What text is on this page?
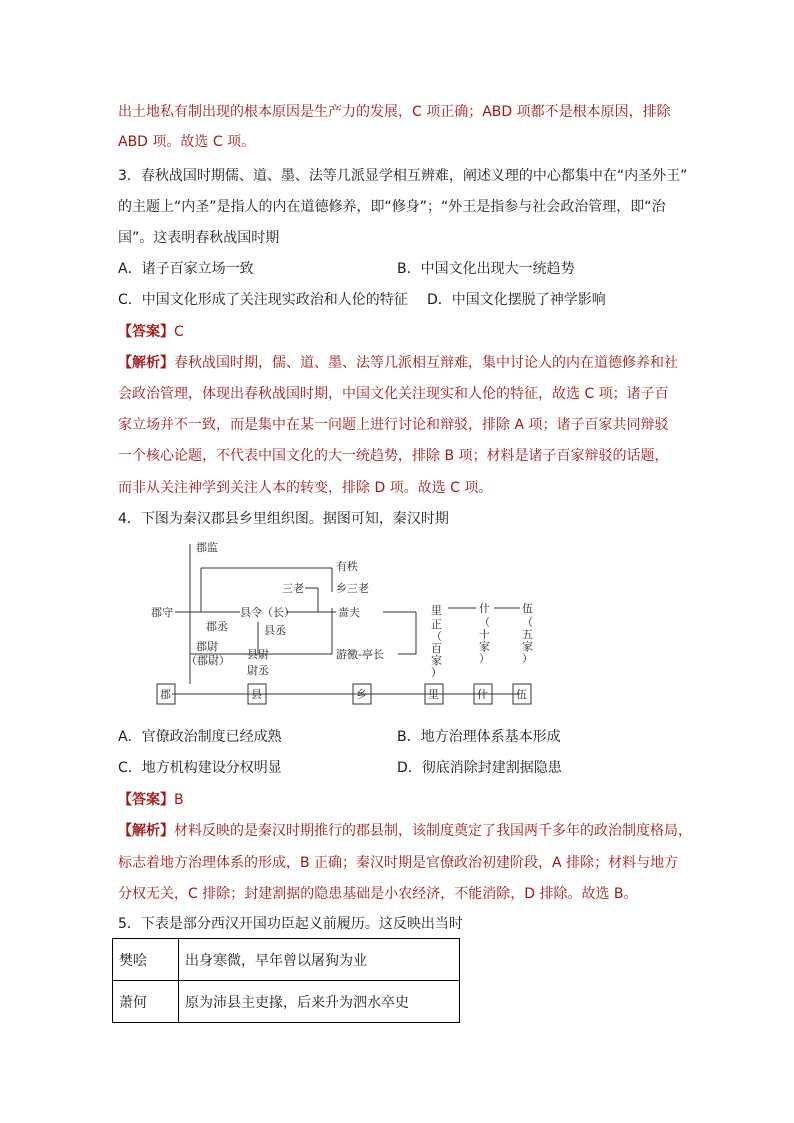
出土地私有制出现的根本原因是生产力的发展，C 项正确；ABD 项都不是根本原因，排除
ABD 项。故选 C 项。
3．春秋战国时期儒、道、墨、法等几派显学相互辨难，阐述义理的中心都集中在“内圣外王”
的主题上“内圣”是指人的内在道德修养，即“修身”；“外王是指参与社会政治管理，即“治
国”。这表明春秋战国时期
A．诸子百家立场一致	B．中国文化出现大一统趋势
C．中国文化形成了关注现实政治和人伦的特征 D．中国文化摆脱了神学影响
【答案】C
【解析】春秋战国时期，儒、道、墨、法等几派相互辩难，集中讨论人的内在道德修养和社
会政治管理，体现出春秋战国时期，中国文化关注现实和人伦的特征，故选 C 项；诸子百
家立场并不一致，而是集中在某一问题上进行讨论和辩驳，排除 A 项；诸子百家共同辩驳
一个核心论题，不代表中国文化的大一统趋势，排除 B 项；材料是诸子百家辩驳的话题，
而非从关注神学到关注人本的转变，排除 D 项。故选 C 项。
4．下图为秦汉郡县乡里组织图。据图可知，秦汉时期
郡监
郡守
郡丞
郡尉
（郡尉）
三老
县令（长）
县丞
县尉
尉丞
有秩
乡三老
啬夫
游徼-亭长
里
正
（
百
家
）
什
（
十
家
）
伍
（
五
家
）
郡	县	乡	里	什	伍
A．官僚政治制度已经成熟	B．地方治理体系基本形成
C．地方机构建设分权明显	D．彻底消除封建割据隐患
【答案】B
【解析】材料反映的是秦汉时期推行的郡县制，该制度奠定了我国两千多年的政治制度格局，
标志着地方治理体系的形成，B 正确；秦汉时期是官僚政治初建阶段，A 排除；材料与地方
分权无关，C 排除；封建割据的隐患基础是小农经济，不能消除，D 排除。故选 B。
5．下表是部分西汉开国功臣起义前履历。这反映出当时
樊哙	出身寒微，早年曾以屠狗为业
萧何	原为沛县主吏掾，后来升为泗水卒史
